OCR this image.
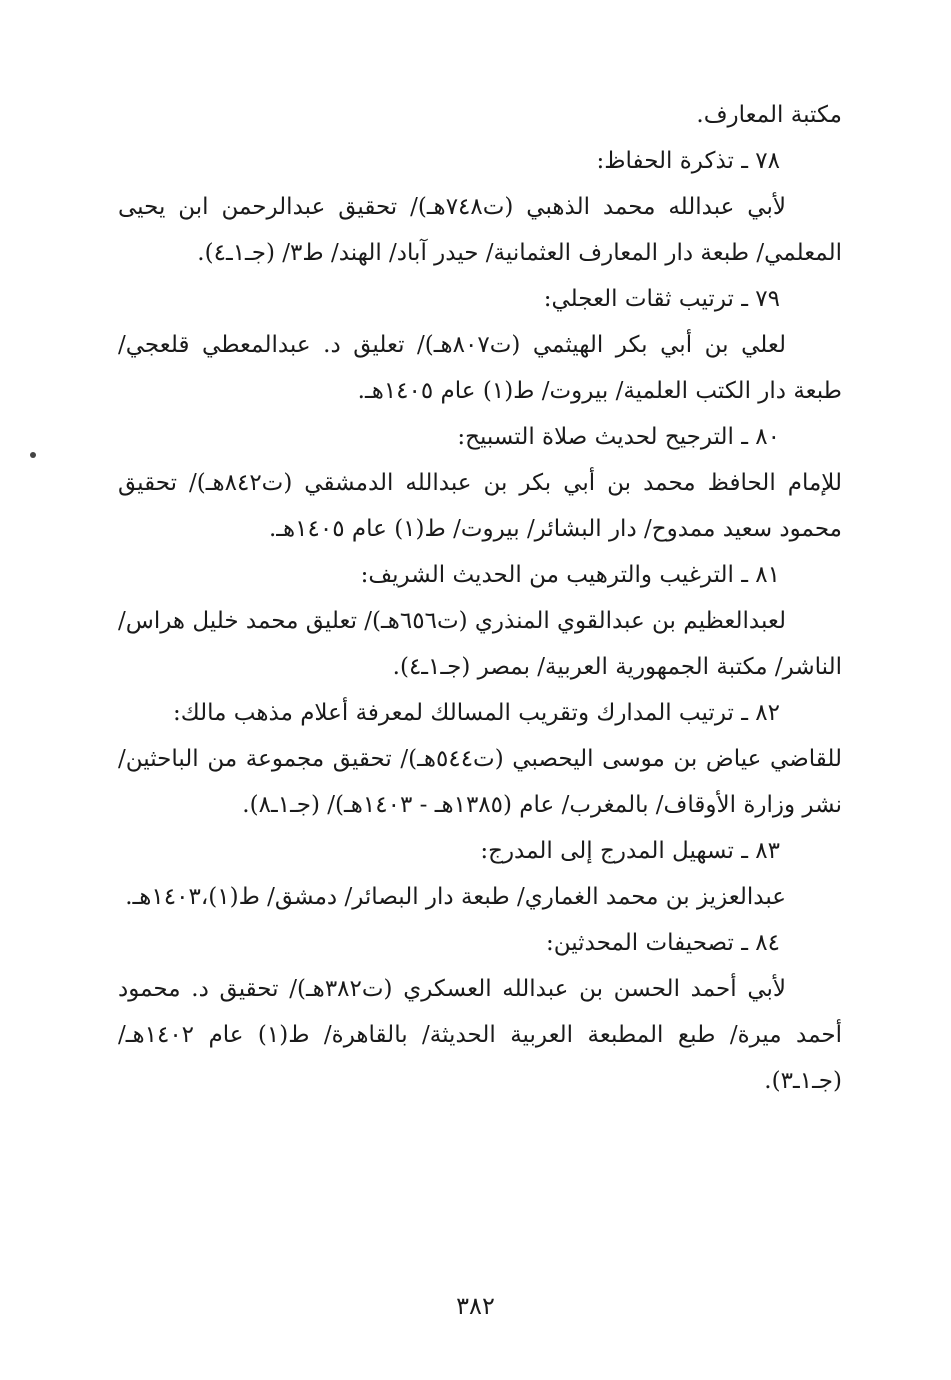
مكتبة المعارف.
٧٨ ـ تذكرة الحفاظ:
لأبي عبدالله محمد الذهبي (ت٧٤٨هـ)/ تحقيق عبدالرحمن ابن يحيى المعلمي/ طبعة دار المعارف العثمانية/ حيدر آباد/ الهند/ ط٣/ (جـ١ـ٤).
٧٩ ـ ترتيب ثقات العجلي:
لعلي بن أبي بكر الهيثمي (ت٨٠٧هـ)/ تعليق د. عبدالمعطي قلعجي/ طبعة دار الكتب العلمية/ بيروت/ ط(١) عام ١٤٠٥هـ.
٨٠ ـ الترجيح لحديث صلاة التسبيح:
للإمام الحافظ محمد بن أبي بكر بن عبدالله الدمشقي (ت٨٤٢هـ)/ تحقيق محمود سعيد ممدوح/ دار البشائر/ بيروت/ ط(١) عام ١٤٠٥هـ.
٨١ ـ الترغيب والترهيب من الحديث الشريف:
لعبدالعظيم بن عبدالقوي المنذري (ت٦٥٦هـ)/ تعليق محمد خليل هراس/ الناشر/ مكتبة الجمهورية العربية/ بمصر (جـ١ـ٤).
٨٢ ـ ترتيب المدارك وتقريب المسالك لمعرفة أعلام مذهب مالك:
للقاضي عياض بن موسى اليحصبي (ت٥٤٤هـ)/ تحقيق مجموعة من الباحثين/ نشر وزارة الأوقاف/ بالمغرب/ عام (١٣٨٥هـ - ١٤٠٣هـ)/ (جـ١ـ٨).
٨٣ ـ تسهيل المدرج إلى المدرج:
عبدالعزيز بن محمد الغماري/ طبعة دار البصائر/ دمشق/ ط(١)،١٤٠٣هـ.
٨٤ ـ تصحيفات المحدثين:
لأبي أحمد الحسن بن عبدالله العسكري (ت٣٨٢هـ)/ تحقيق د. محمود أحمد ميرة/ طبع المطبعة العربية الحديثة/ بالقاهرة/ ط(١) عام ١٤٠٢هـ/ (جـ١ـ٣).
٣٨٢
